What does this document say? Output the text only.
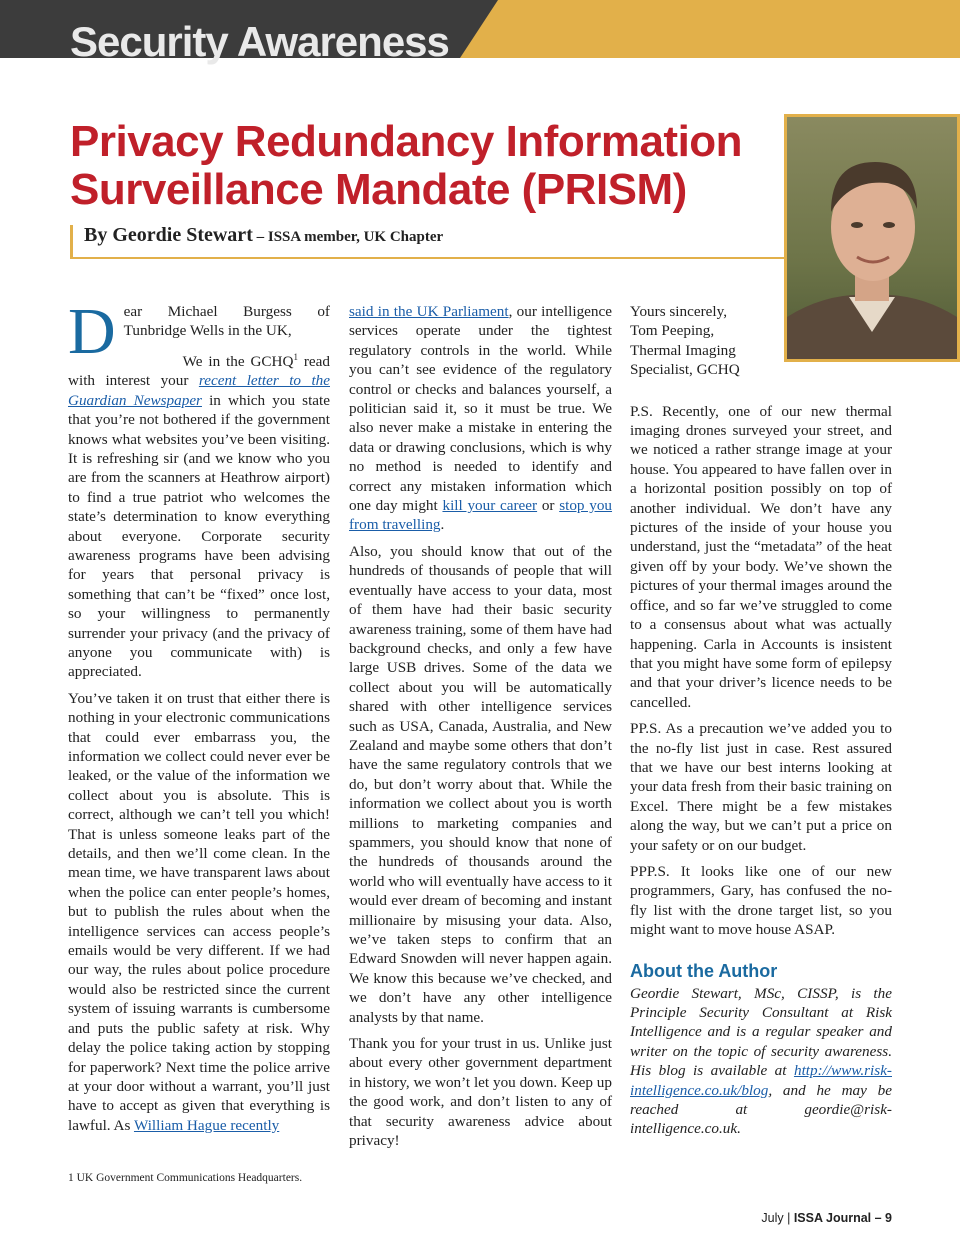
Security Awareness
Privacy Redundancy Information
Surveillance Mandate (PRISM)
By Geordie Stewart – ISSA member, UK Chapter

Dear Michael Burgess of Tunbridge Wells in the UK,

We in the GCHQ$^1$ read with interest your recent letter to the Guardian Newspaper in which you state that you’re not bothered if the government knows what websites you’ve been visiting. It is refreshing sir (and we know who you are from the scanners at Heathrow airport) to find a true patriot who welcomes the state’s determination to know everything about everyone. Corporate security awareness programs have been advising for years that personal privacy is something that can’t be “fixed” once lost, so your willingness to permanently surrender your privacy (and the privacy of anyone you communicate with) is appreciated.

You’ve taken it on trust that either there is nothing in your electronic communications that could ever embarrass you, the information we collect could never ever be leaked, or the value of the information we collect about you is absolute. This is correct, although we can’t tell you which! That is unless someone leaks part of the details, and then we’ll come clean. In the mean time, we have transparent laws about when the police can enter people’s homes, but to publish the rules about when the intelligence services can access people’s emails would be very different. If we had our way, the rules about police procedure would also be restricted since the current system of issuing warrants is cumbersome and puts the public safety at risk. Why delay the police taking action by stopping for paperwork? Next time the police arrive at your door without a warrant, you’ll just have to accept as given that everything is lawful. As William Hague recently

said in the UK Parliament, our intelligence services operate under the tightest regulatory controls in the world. While you can’t see evidence of the regulatory control or checks and balances yourself, a politician said it, so it must be true. We also never make a mistake in entering the data or drawing conclusions, which is why no method is needed to identify and correct any mistaken information which one day might kill your career or stop you from travelling.

Also, you should know that out of the hundreds of thousands of people that will eventually have access to your data, most of them have had their basic security awareness training, some of them have had background checks, and only a few have large USB drives. Some of the data we collect about you will be automatically shared with other intelligence services such as USA, Canada, Australia, and New Zealand and maybe some others that don’t have the same regulatory controls that we do, but don’t worry about that. While the information we collect about you is worth millions to marketing companies and spammers, you should know that none of the hundreds of thousands around the world who will eventually have access to it would ever dream of becoming and instant millionaire by misusing your data. Also, we’ve taken steps to confirm that an Edward Snowden will never happen again. We know this because we’ve checked, and we don’t have any other intelligence analysts by that name.

Thank you for your trust in us. Unlike just about every other government department in history, we won’t let you down. Keep up the good work, and don’t listen to any of that security awareness advice about privacy!

Yours sincerely,
Tom Peeping,
Thermal Imaging
Specialist, GCHQ

P.S. Recently, one of our new thermal imaging drones surveyed your street, and we noticed a rather strange image at your house. You appeared to have fallen over in a horizontal position possibly on top of another individual. We don’t have any pictures of the inside of your house you understand, just the “metadata” of the heat given off by your body. We’ve shown the pictures of your thermal images around the office, and so far we’ve struggled to come to a consensus about what was actually happening. Carla in Accounts is insistent that you might have some form of epilepsy and that your driver’s licence needs to be cancelled.

PP.S. As a precaution we’ve added you to the no-fly list just in case. Rest assured that we have our best interns looking at your data fresh from their basic training on Excel. There might be a few mistakes along the way, but we can’t put a price on your safety or on our budget.

PPP.S. It looks like one of our new programmers, Gary, has confused the no-fly list with the drone target list, so you might want to move house ASAP.

About the Author

Geordie Stewart, MSc, CISSP, is the Principle Security Consultant at Risk Intelligence and is a regular speaker and writer on the topic of security awareness. His blog is available at http://www.risk-intelligence.co.uk/blog, and he may be reached at geordie@risk-intelligence.co.uk.

1 UK Government Communications Headquarters.
July | ISSA Journal – 9
